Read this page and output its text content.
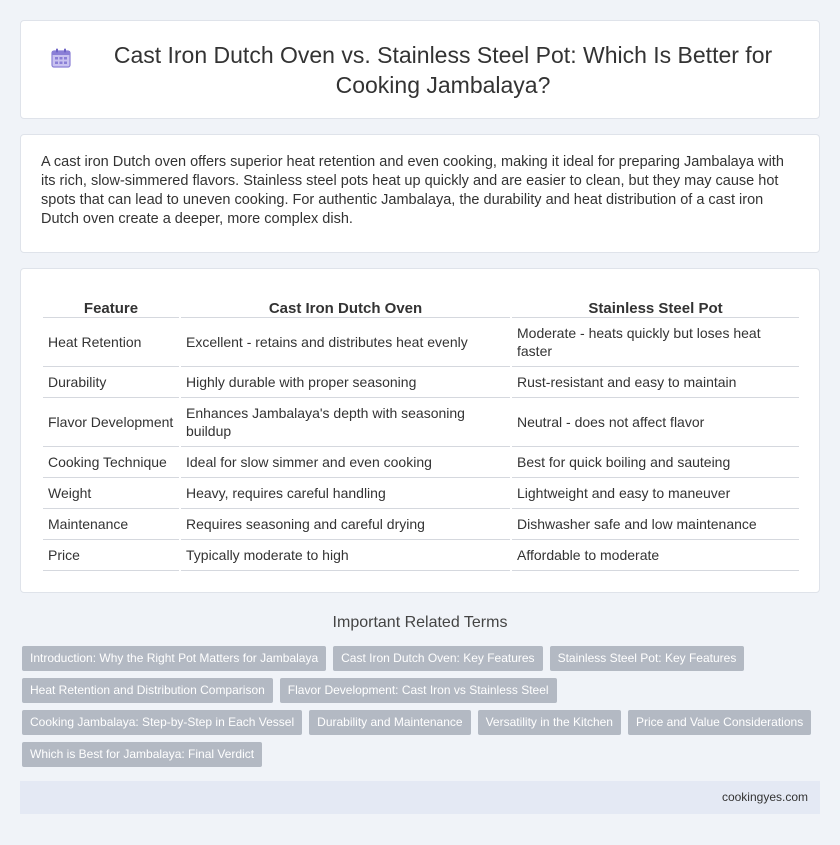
Cast Iron Dutch Oven vs. Stainless Steel Pot: Which Is Better for Cooking Jambalaya?

A cast iron Dutch oven offers superior heat retention and even cooking, making it ideal for preparing Jambalaya with its rich, slow-simmered flavors. Stainless steel pots heat up quickly and are easier to clean, but they may cause hot spots that can lead to uneven cooking. For authentic Jambalaya, the durability and heat distribution of a cast iron Dutch oven create a deeper, more complex dish.

Feature	Cast Iron Dutch Oven	Stainless Steel Pot
Heat Retention	Excellent - retains and distributes heat evenly	Moderate - heats quickly but loses heat faster
Durability	Highly durable with proper seasoning	Rust-resistant and easy to maintain
Flavor Development	Enhances Jambalaya's depth with seasoning buildup	Neutral - does not affect flavor
Cooking Technique	Ideal for slow simmer and even cooking	Best for quick boiling and sauteing
Weight	Heavy, requires careful handling	Lightweight and easy to maneuver
Maintenance	Requires seasoning and careful drying	Dishwasher safe and low maintenance
Price	Typically moderate to high	Affordable to moderate
Important Related Terms
Introduction: Why the Right Pot Matters for Jambalaya	Cast Iron Dutch Oven: Key Features	Stainless Steel Pot: Key Features
Heat Retention and Distribution Comparison	Flavor Development: Cast Iron vs Stainless Steel
Cooking Jambalaya: Step-by-Step in Each Vessel	Durability and Maintenance	Versatility in the Kitchen	Price and Value Considerations
Which is Best for Jambalaya: Final Verdict
cookingyes.com
